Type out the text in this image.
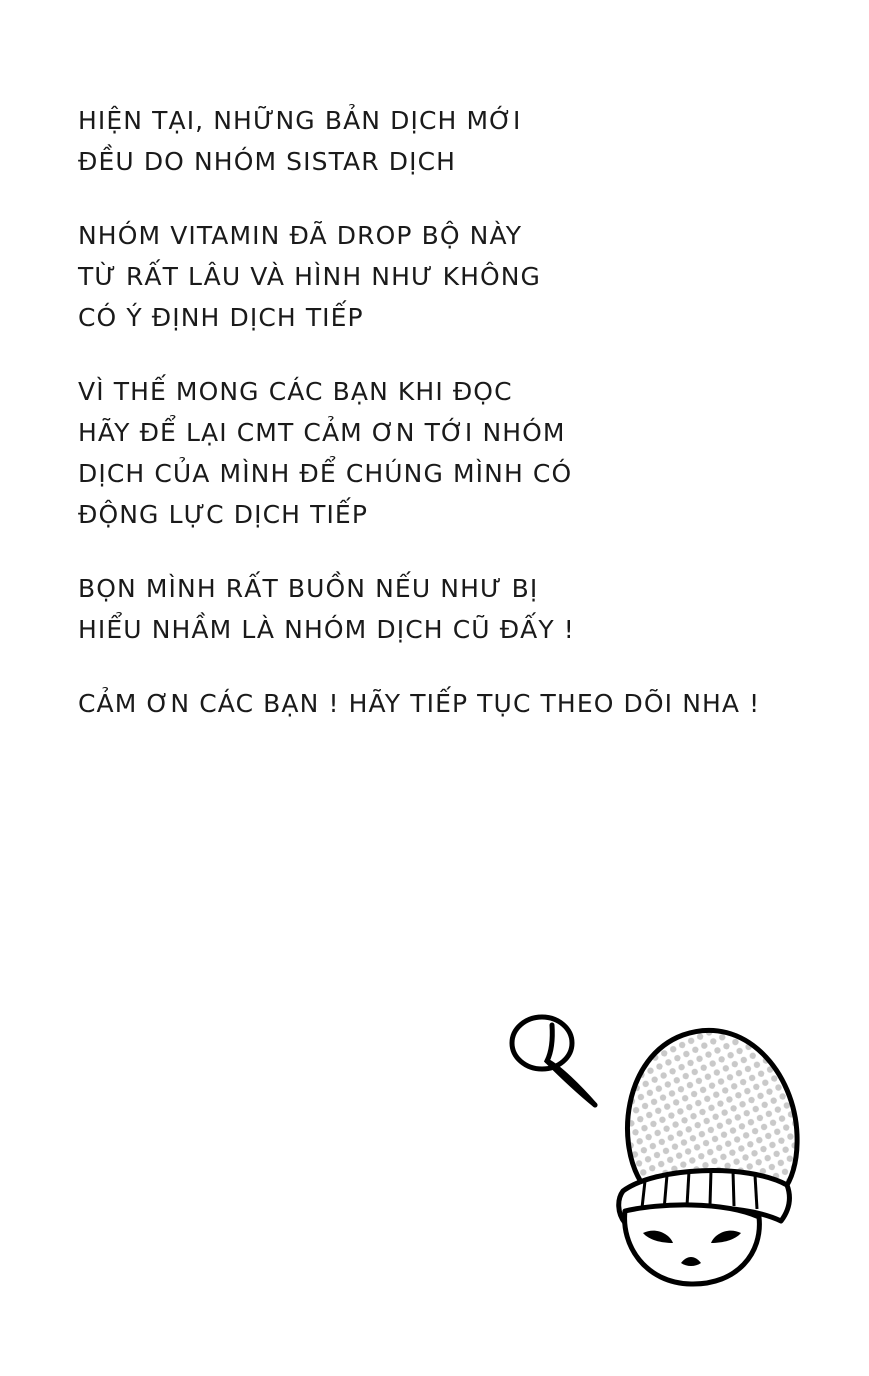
HIỆN TẠI, NHỮNG BẢN DỊCH MỚI
ĐỀU DO NHÓM SISTAR DỊCH
NHÓM VITAMIN ĐÃ DROP BỘ NÀY
TỪ RẤT LÂU VÀ HÌNH NHƯ KHÔNG
CÓ Ý ĐỊNH DỊCH TIẾP
VÌ THẾ MONG CÁC BẠN KHI ĐỌC
HÃY ĐỂ LẠI CMT CẢM ƠN TỚI NHÓM
DỊCH CỦA MÌNH ĐỂ CHÚNG MÌNH CÓ
ĐỘNG LỰC DỊCH TIẾP
BỌN MÌNH RẤT BUỒN NẾU NHƯ BỊ
HIỂU NHẦM LÀ NHÓM DỊCH CŨ ĐẤY !
CẢM ƠN CÁC BẠN ! HÃY TIẾP TỤC THEO DÕI NHA !
